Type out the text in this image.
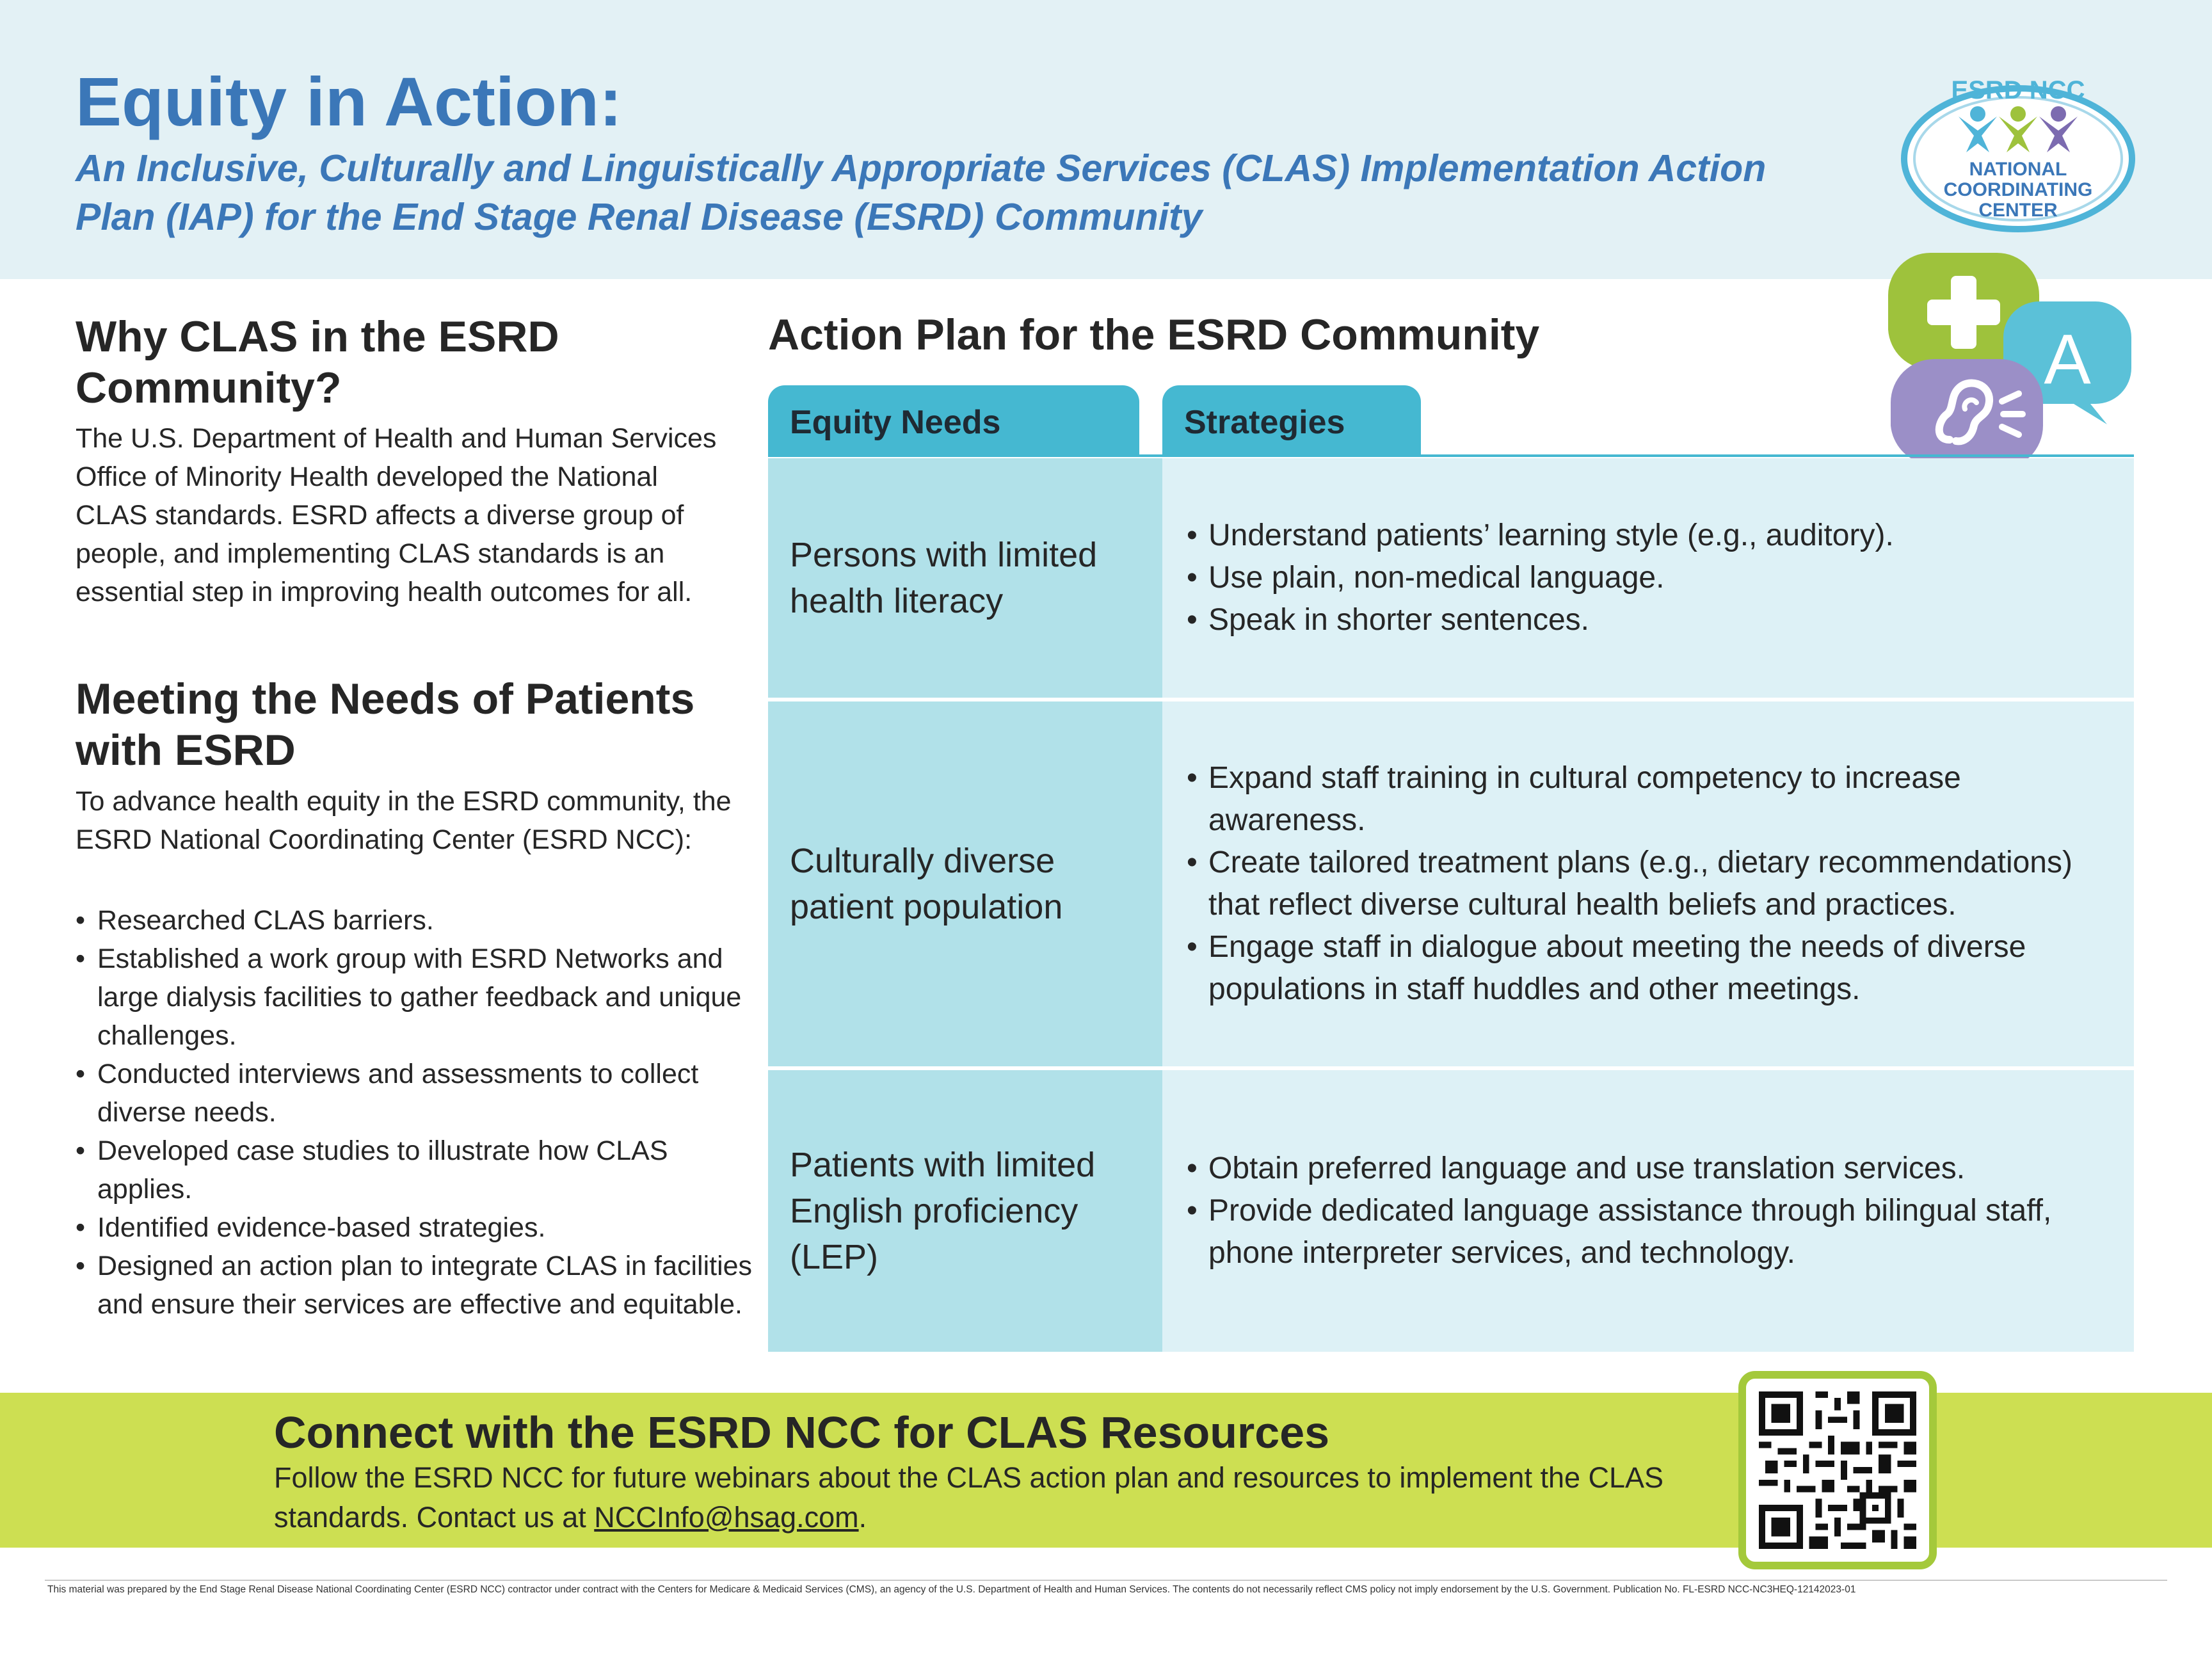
Equity in Action:

An Inclusive, Culturally and Linguistically Appropriate Services (CLAS) Implementation Action Plan (IAP) for the End Stage Renal Disease (ESRD) Community

ESRD NCC
NATIONAL
COORDINATING
CENTER
Why CLAS in the ESRD Community?

The U.S. Department of Health and Human Services Office of Minority Health developed the National CLAS standards. ESRD affects a diverse group of people, and implementing CLAS standards is an essential step in improving health outcomes for all.

Meeting the Needs of Patients with ESRD

To advance health equity in the ESRD community, the ESRD National Coordinating Center (ESRD NCC):

• Researched CLAS barriers.
• Established a work group with ESRD Networks and large dialysis facilities to gather feedback and unique challenges.
• Conducted interviews and assessments to collect diverse needs.
• Developed case studies to illustrate how CLAS applies.
• Identified evidence-based strategies.
• Designed an action plan to integrate CLAS in facilities and ensure their services are effective and equitable.
Action Plan for the ESRD Community	A
Equity Needs	Strategies
Persons with limited health literacy
• Understand patients’ learning style (e.g., auditory).
• Use plain, non-medical language.
• Speak in shorter sentences.
Culturally diverse patient population
• Expand staff training in cultural competency to increase awareness.
• Create tailored treatment plans (e.g., dietary recommendations) that reflect diverse cultural health beliefs and practices.
• Engage staff in dialogue about meeting the needs of diverse populations in staff huddles and other meetings.
Patients with limited English proficiency (LEP)
• Obtain preferred language and use translation services.
• Provide dedicated language assistance through bilingual staff, phone interpreter services, and technology.
Connect with the ESRD NCC for CLAS Resources

Follow the ESRD NCC for future webinars about the CLAS action plan and resources to implement the CLAS standards. Contact us at NCCInfo@hsag.com.

This material was prepared by the End Stage Renal Disease National Coordinating Center (ESRD NCC) contractor under contract with the Centers for Medicare & Medicaid Services (CMS), an agency of the U.S. Department of Health and Human Services. The contents do not necessarily reflect CMS policy not imply endorsement by the U.S. Government. Publication No. FL-ESRD NCC-NC3HEQ-12142023-01
